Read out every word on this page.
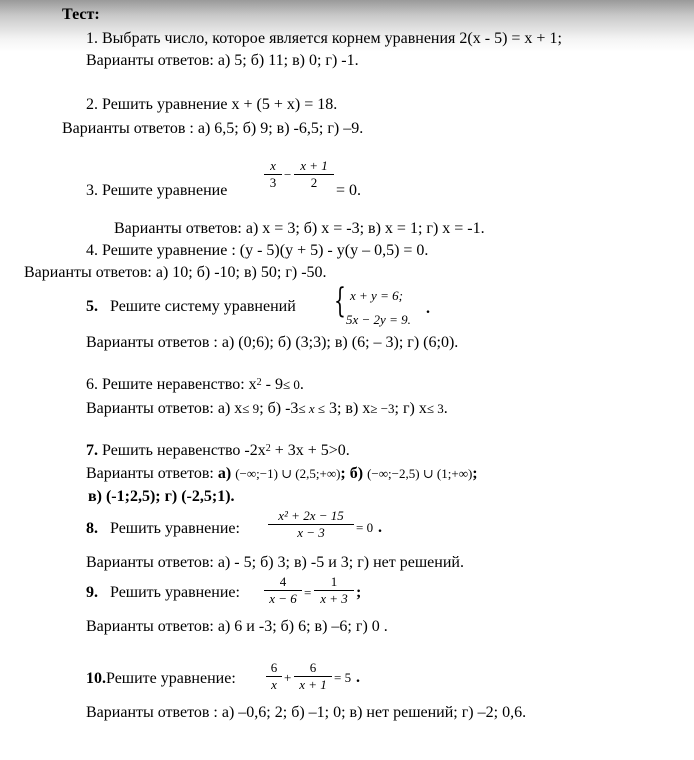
Тест:
1. Выбрать число, которое является корнем уравнения 2(х - 5) = х + 1;
Варианты ответов: а) 5; б) 11; в) 0; г) -1.
2. Решить уравнение х + (5 + х) = 18.
Варианты ответов : а) 6,5; б) 9; в) -6,5; г) –9.
3. Решите уравнение
x
3
−
x + 1
2	= 0.
Варианты ответов: а) х = 3; б) х = -3; в) х = 1; г) х = -1.
4. Решите уравнение : (у - 5)(у + 5) - у(у – 0,5) = 0.
Варианты ответов: а) 10; б) -10; в) 50; г) -50.
5. Решите систему уравнений { x + y = 6;
5x − 2y = 9.
.
Варианты ответов : а) (0;6); б) (3;3); в) (6; – 3); г) (6;0).
6. Решите неравенство: $х^2 - 9\le 0$.
Варианты ответов: а) х≤ 9; б) -3≤ x ≤ 3; в) х≥ −3; г) х≤ 3.
7. Решить неравенство $-2х^2 + 3х + 5>0$.
Варианты ответов: а) (−∞;−1) ∪ (2,5;+∞); б) (−∞;−2,5) ∪ (1;+∞);
в) (-1;2,5); г) (-2,5;1).
8. Решить уравнение:
x² + 2x − 15
x − 3	= 0 .
Варианты ответов: а) - 5; б) 3; в) -5 и 3; г) нет решений.
9. Решить уравнение:
4
x − 6 =
1
x + 3 ;
Варианты ответов: а) 6 и -3; б) 6; в) –6; г) 0 .
10.Решите уравнение:
6
x +
6
x + 1 = 5 .
Варианты ответов : а) –0,6; 2; б) –1; 0; в) нет решений; г) –2; 0,6.
